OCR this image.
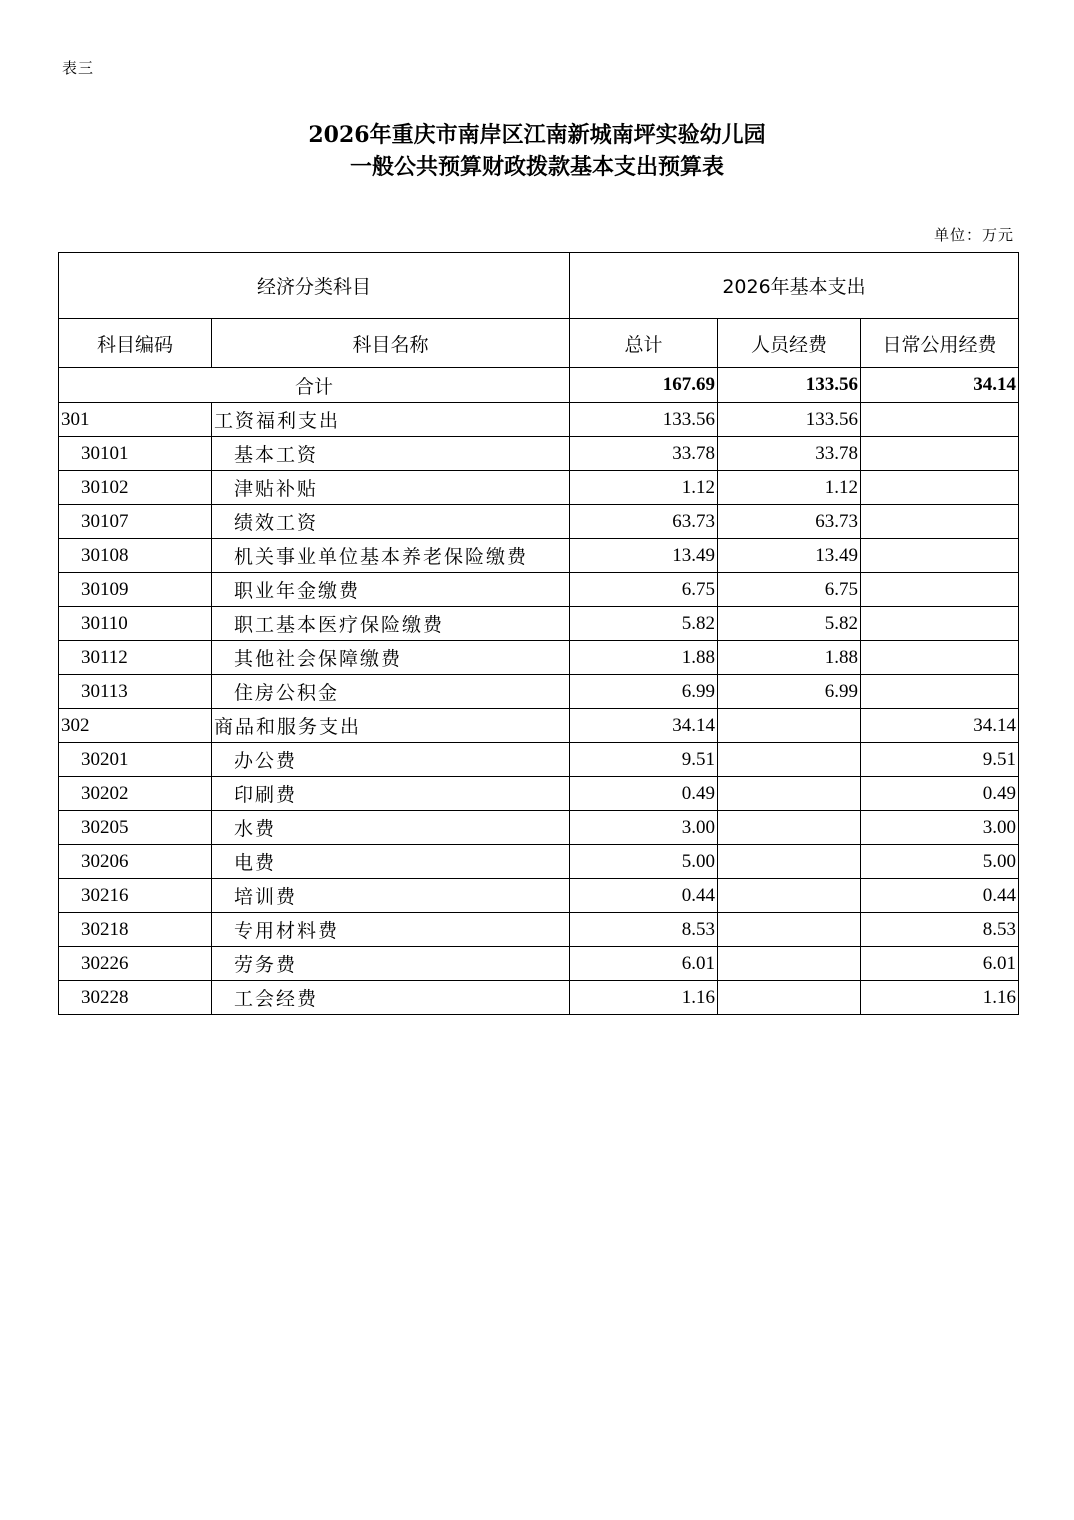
表三
2026年重庆市南岸区江南新城南坪实验幼儿园
一般公共预算财政拨款基本支出预算表
单位：万元
经济分类科目		2026年基本支出		
科目编码	科目名称	总计	人员经费	日常公用经费
合计		167.69	133.56	34.14
301	工资福利支出	133.56	133.56	
30101	基本工资	33.78	33.78	
30102	津贴补贴	1.12	1.12	
30107	绩效工资	63.73	63.73	
30108	机关事业单位基本养老保险缴费	13.49	13.49	
30109	职业年金缴费	6.75	6.75	
30110	职工基本医疗保险缴费	5.82	5.82	
30112	其他社会保障缴费	1.88	1.88	
30113	住房公积金	6.99	6.99	
302	商品和服务支出	34.14		34.14
30201	办公费	9.51		9.51
30202	印刷费	0.49		0.49
30205	水费	3.00		3.00
30206	电费	5.00		5.00
30216	培训费	0.44		0.44
30218	专用材料费	8.53		8.53
30226	劳务费	6.01		6.01
30228	工会经费	1.16		1.16
